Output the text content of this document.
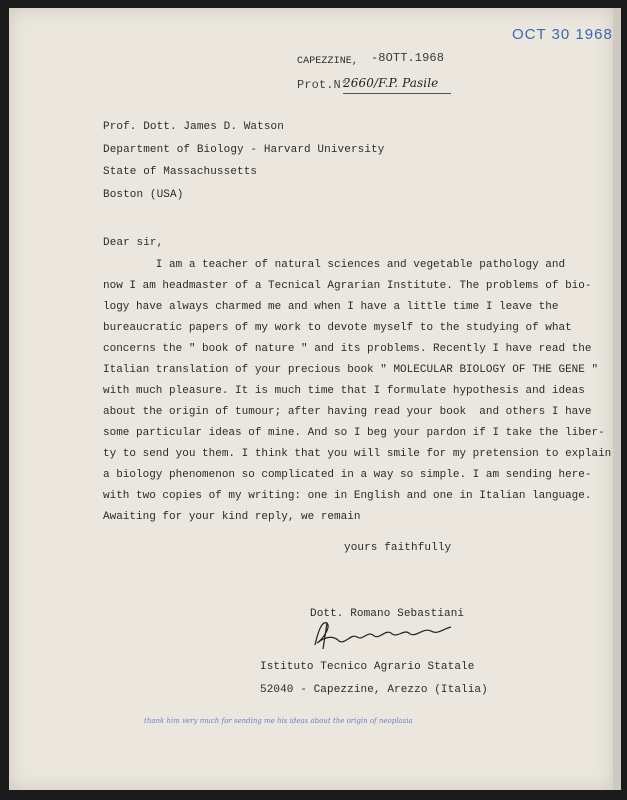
OCT 30 1968
CAPEZZINE, -8OTT.1968
Prot.N°
2660/F.P. Pasile
Prof. Dott. James D. Watson
Department of Biology - Harvard University
State of Massachussetts
Boston (USA)
Dear sir,
I am a teacher of natural sciences and vegetable pathology and
now I am headmaster of a Tecnical Agrarian Institute. The problems of bio-
logy have always charmed me and when I have a little time I leave the
bureaucratic papers of my work to devote myself to the studying of what
concerns the " book of nature " and its problems. Recently I have read the
Italian translation of your precious book " MOLECULAR BIOLOGY OF THE GENE "
with much pleasure. It is much time that I formulate hypothesis and ideas
about the origin of tumour; after having read your book  and others I have
some particular ideas of mine. And so I beg your pardon if I take the liber-
ty to send you them. I think that you will smile for my pretension to explain
a biology phenomenon so complicated in a way so simple. I am sending here-
with two copies of my writing: one in English and one in Italian language.
Awaiting for your kind reply, we remain
yours faithfully
Dott. Romano Sebastiani
Istituto Tecnico Agrario Statale
52040 - Capezzine, Arezzo (Italia)
thank him very much for sending me his ideas about the origin of neoplasia
